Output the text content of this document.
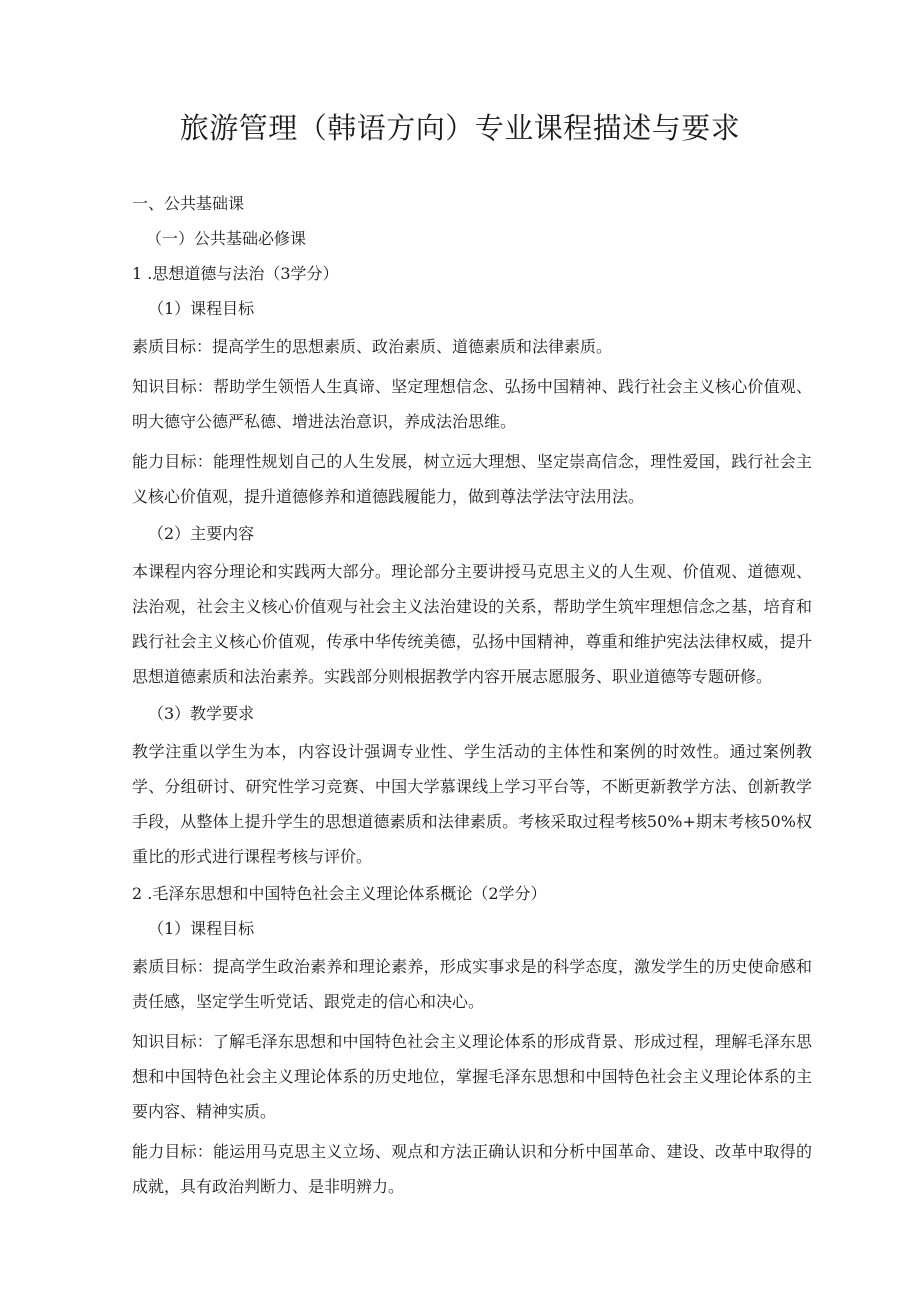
旅游管理（韩语方向）专业课程描述与要求
一、公共基础课
（一）公共基础必修课
1 .思想道德与法治（3学分）
（1）课程目标
素质目标：提高学生的思想素质、政治素质、道德素质和法律素质。
知识目标：帮助学生领悟人生真谛、坚定理想信念、弘扬中国精神、践行社会主义核心价值观、明大德守公德严私德、增进法治意识，养成法治思维。
能力目标：能理性规划自己的人生发展，树立远大理想、坚定崇高信念，理性爱国，践行社会主义核心价值观，提升道德修养和道德践履能力，做到尊法学法守法用法。
（2）主要内容
本课程内容分理论和实践两大部分。理论部分主要讲授马克思主义的人生观、价值观、道德观、法治观，社会主义核心价值观与社会主义法治建设的关系，帮助学生筑牢理想信念之基，培育和践行社会主义核心价值观，传承中华传统美德，弘扬中国精神，尊重和维护宪法法律权威，提升思想道德素质和法治素养。实践部分则根据教学内容开展志愿服务、职业道德等专题研修。
（3）教学要求
教学注重以学生为本，内容设计强调专业性、学生活动的主体性和案例的时效性。通过案例教学、分组研讨、研究性学习竞赛、中国大学慕课线上学习平台等，不断更新教学方法、创新教学手段，从整体上提升学生的思想道德素质和法律素质。考核采取过程考核50%+期末考核50%权重比的形式进行课程考核与评价。
2 .毛泽东思想和中国特色社会主义理论体系概论（2学分）
（1）课程目标
素质目标：提高学生政治素养和理论素养，形成实事求是的科学态度，激发学生的历史使命感和责任感，坚定学生听党话、跟党走的信心和决心。
知识目标：了解毛泽东思想和中国特色社会主义理论体系的形成背景、形成过程，理解毛泽东思想和中国特色社会主义理论体系的历史地位，掌握毛泽东思想和中国特色社会主义理论体系的主要内容、精神实质。
能力目标：能运用马克思主义立场、观点和方法正确认识和分析中国革命、建设、改革中取得的成就，具有政治判断力、是非明辨力。
